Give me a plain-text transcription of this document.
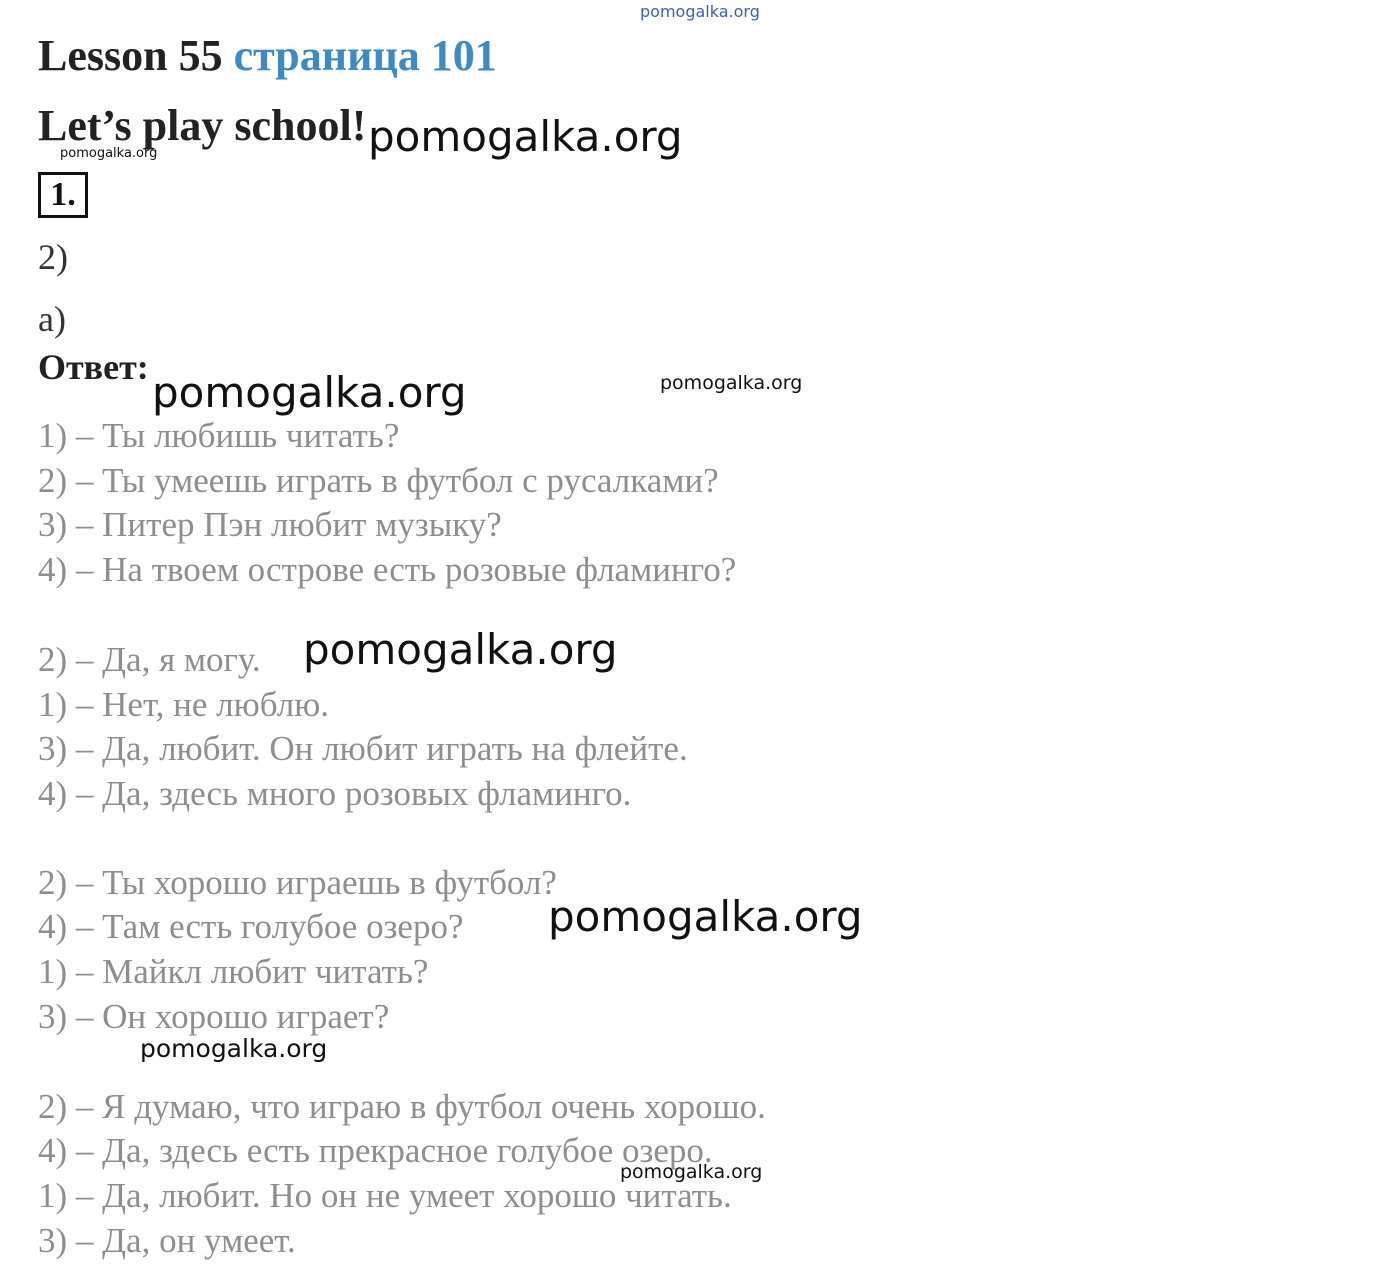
pomogalka.org
Lesson 55 страница 101
Let’s play school! pomogalka.org
pomogalka.org
1.
2)
а)
Ответ:
pomogalka.org	pomogalka.org
1) – Ты любишь читать?
2) – Ты умеешь играть в футбол с русалками?
3) – Питер Пэн любит музыку?
4) – На твоем острове есть розовые фламинго?
2) – Да, я могу. pomogalka.org
1) – Нет, не люблю.
3) – Да, любит. Он любит играть на флейте.
4) – Да, здесь много розовых фламинго.
2) – Ты хорошо играешь в футбол?
4) – Там есть голубое озеро? pomogalka.org
1) – Майкл любит читать?
3) – Он хорошо играет?
pomogalka.org
2) – Я думаю, что играю в футбол очень хорошо.
4) – Да, здесь есть прекрасное голубое озеро.
pomogalka.org
1) – Да, любит. Но он не умеет хорошо читать.
3) – Да, он умеет.
